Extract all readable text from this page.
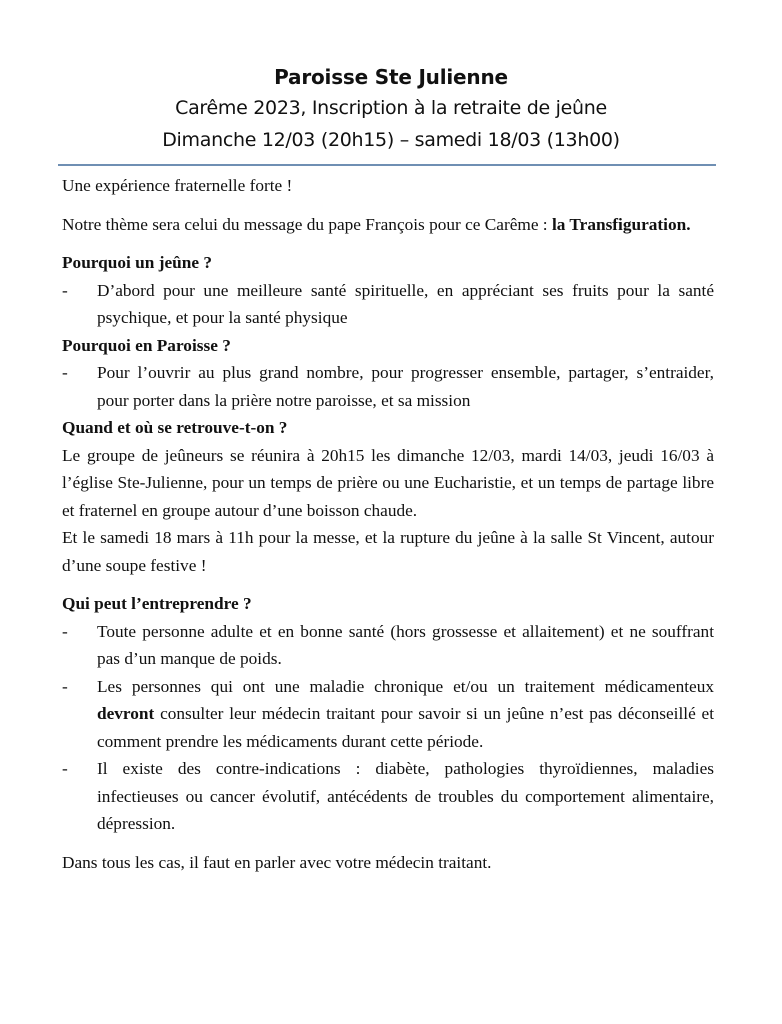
Paroisse Ste Julienne
Carême 2023, Inscription à la retraite de jeûne
Dimanche 12/03 (20h15) – samedi 18/03 (13h00)

Une expérience fraternelle forte !

Notre thème sera celui du message du pape François pour ce Carême : la Transfiguration.

Pourquoi un jeûne ?

- D’abord pour une meilleure santé spirituelle, en appréciant ses fruits pour la santé psychique, et pour la santé physique

Pourquoi en Paroisse ?

- Pour l’ouvrir au plus grand nombre, pour progresser ensemble, partager, s’entraider, pour porter dans la prière notre paroisse, et sa mission

Quand et où se retrouve-t-on ?

Le groupe de jeûneurs se réunira à 20h15 les dimanche 12/03, mardi 14/03, jeudi 16/03 à l’église Ste-Julienne, pour un temps de prière ou une Eucharistie, et un temps de partage libre et fraternel en groupe autour d’une boisson chaude.

Et le samedi 18 mars à 11h pour la messe, et la rupture du jeûne à la salle St Vincent, autour d’une soupe festive !

Qui peut l’entreprendre ?

- Toute personne adulte et en bonne santé (hors grossesse et allaitement) et ne souffrant pas d’un manque de poids.
- Les personnes qui ont une maladie chronique et/ou un traitement médicamenteux devront consulter leur médecin traitant pour savoir si un jeûne n’est pas déconseillé et comment prendre les médicaments durant cette période.
- Il existe des contre-indications : diabète, pathologies thyroïdiennes, maladies infectieuses ou cancer évolutif, antécédents de troubles du comportement alimentaire, dépression.

Dans tous les cas, il faut en parler avec votre médecin traitant.
